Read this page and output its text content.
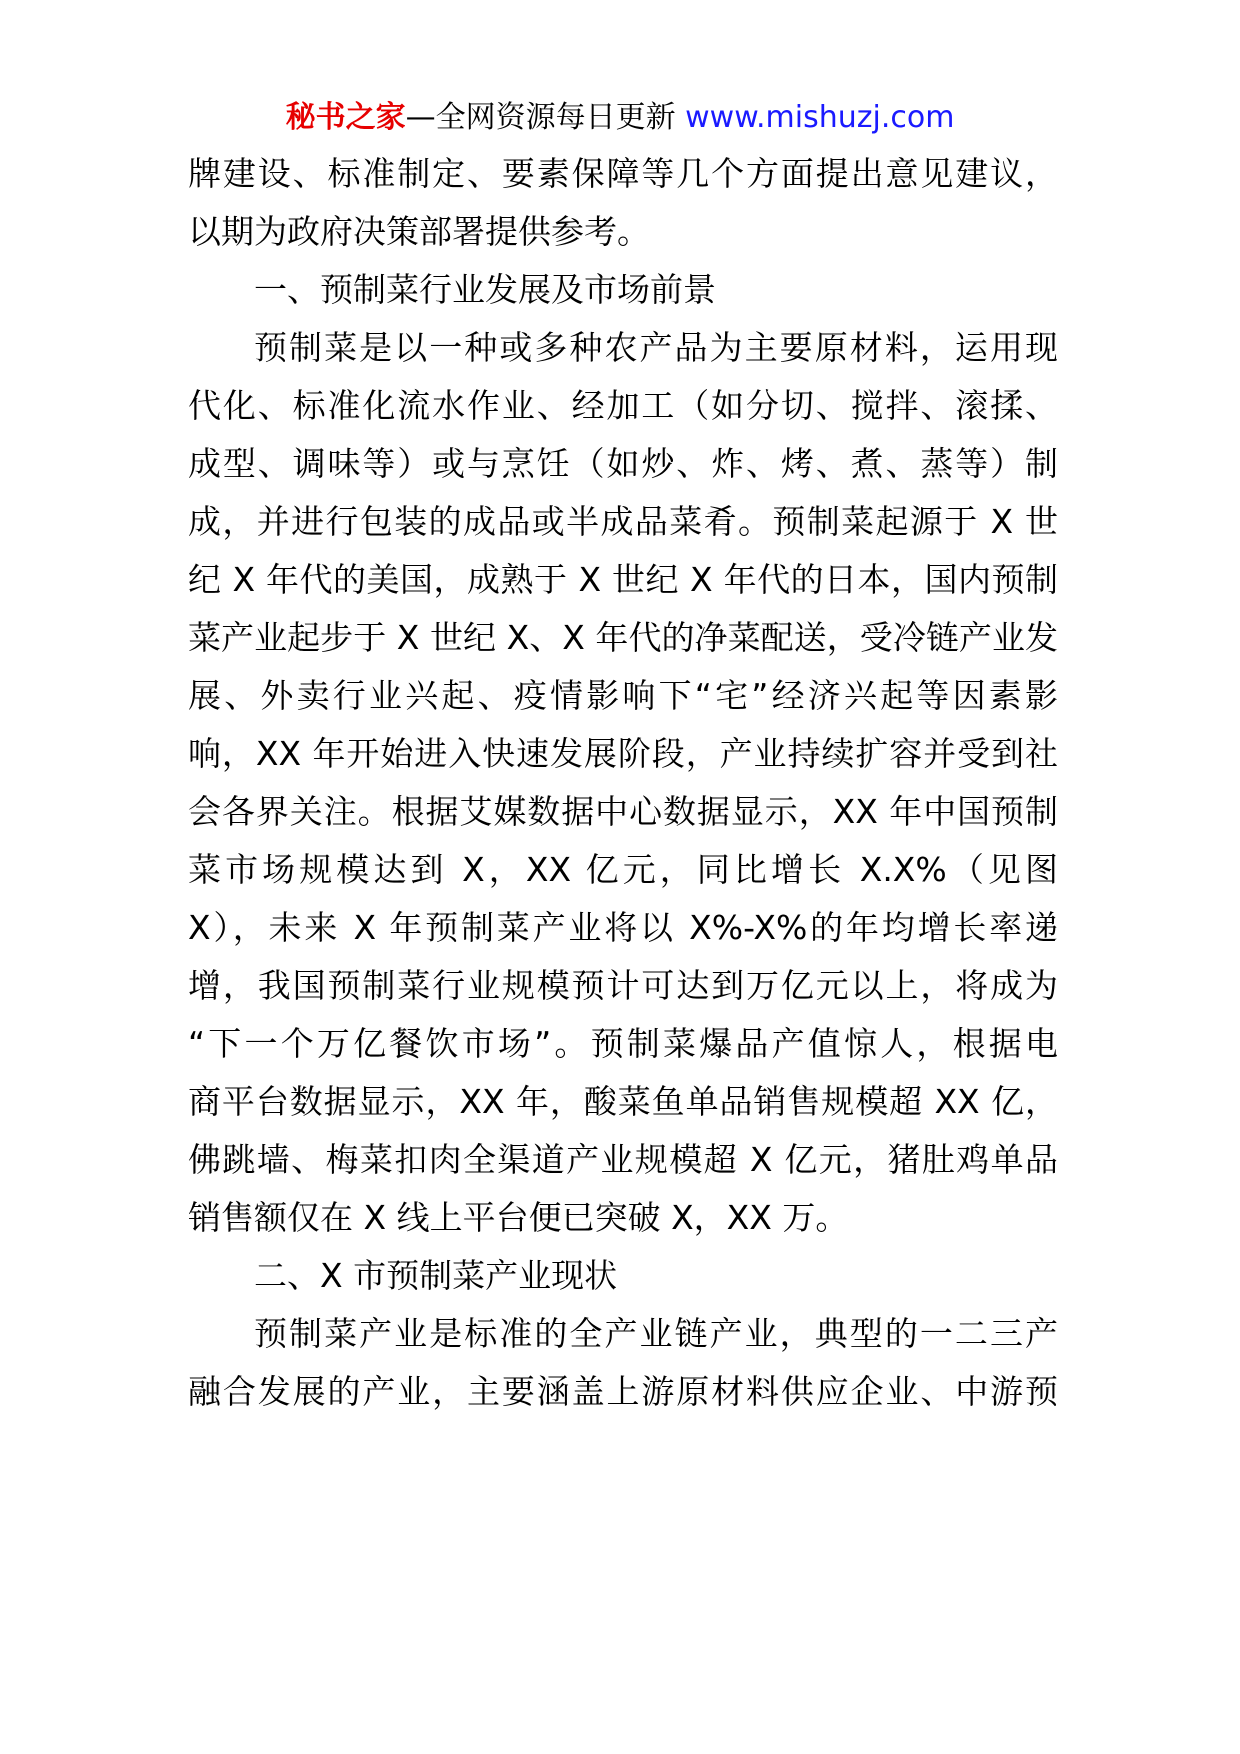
秘书之家—全网资源每日更新 www.mishuzj.com
牌建设、标准制定、要素保障等几个方面提出意见建议，
以期为政府决策部署提供参考。
一、预制菜行业发展及市场前景
预制菜是以一种或多种农产品为主要原材料，运用现
代化、标准化流水作业、经加工（如分切、搅拌、滚揉、
成型、调味等）或与烹饪（如炒、炸、烤、煮、蒸等）制
成，并进行包装的成品或半成品菜肴。预制菜起源于 X 世
纪 X 年代的美国，成熟于 X 世纪 X 年代的日本，国内预制
菜产业起步于 X 世纪 X、X 年代的净菜配送，受冷链产业发
展、外卖行业兴起、疫情影响下“宅”经济兴起等因素影
响，XX 年开始进入快速发展阶段，产业持续扩容并受到社
会各界关注。根据艾媒数据中心数据显示，XX 年中国预制
菜市场规模达到 X，XX 亿元，同比增长 X.X%（见图
X），未来 X 年预制菜产业将以 X%-X%的年均增长率递
增，我国预制菜行业规模预计可达到万亿元以上，将成为
“下一个万亿餐饮市场”。预制菜爆品产值惊人，根据电
商平台数据显示，XX 年，酸菜鱼单品销售规模超 XX 亿，
佛跳墙、梅菜扣肉全渠道产业规模超 X 亿元，猪肚鸡单品
销售额仅在 X 线上平台便已突破 X，XX 万。
二、X 市预制菜产业现状
预制菜产业是标准的全产业链产业，典型的一二三产
融合发展的产业，主要涵盖上游原材料供应企业、中游预
